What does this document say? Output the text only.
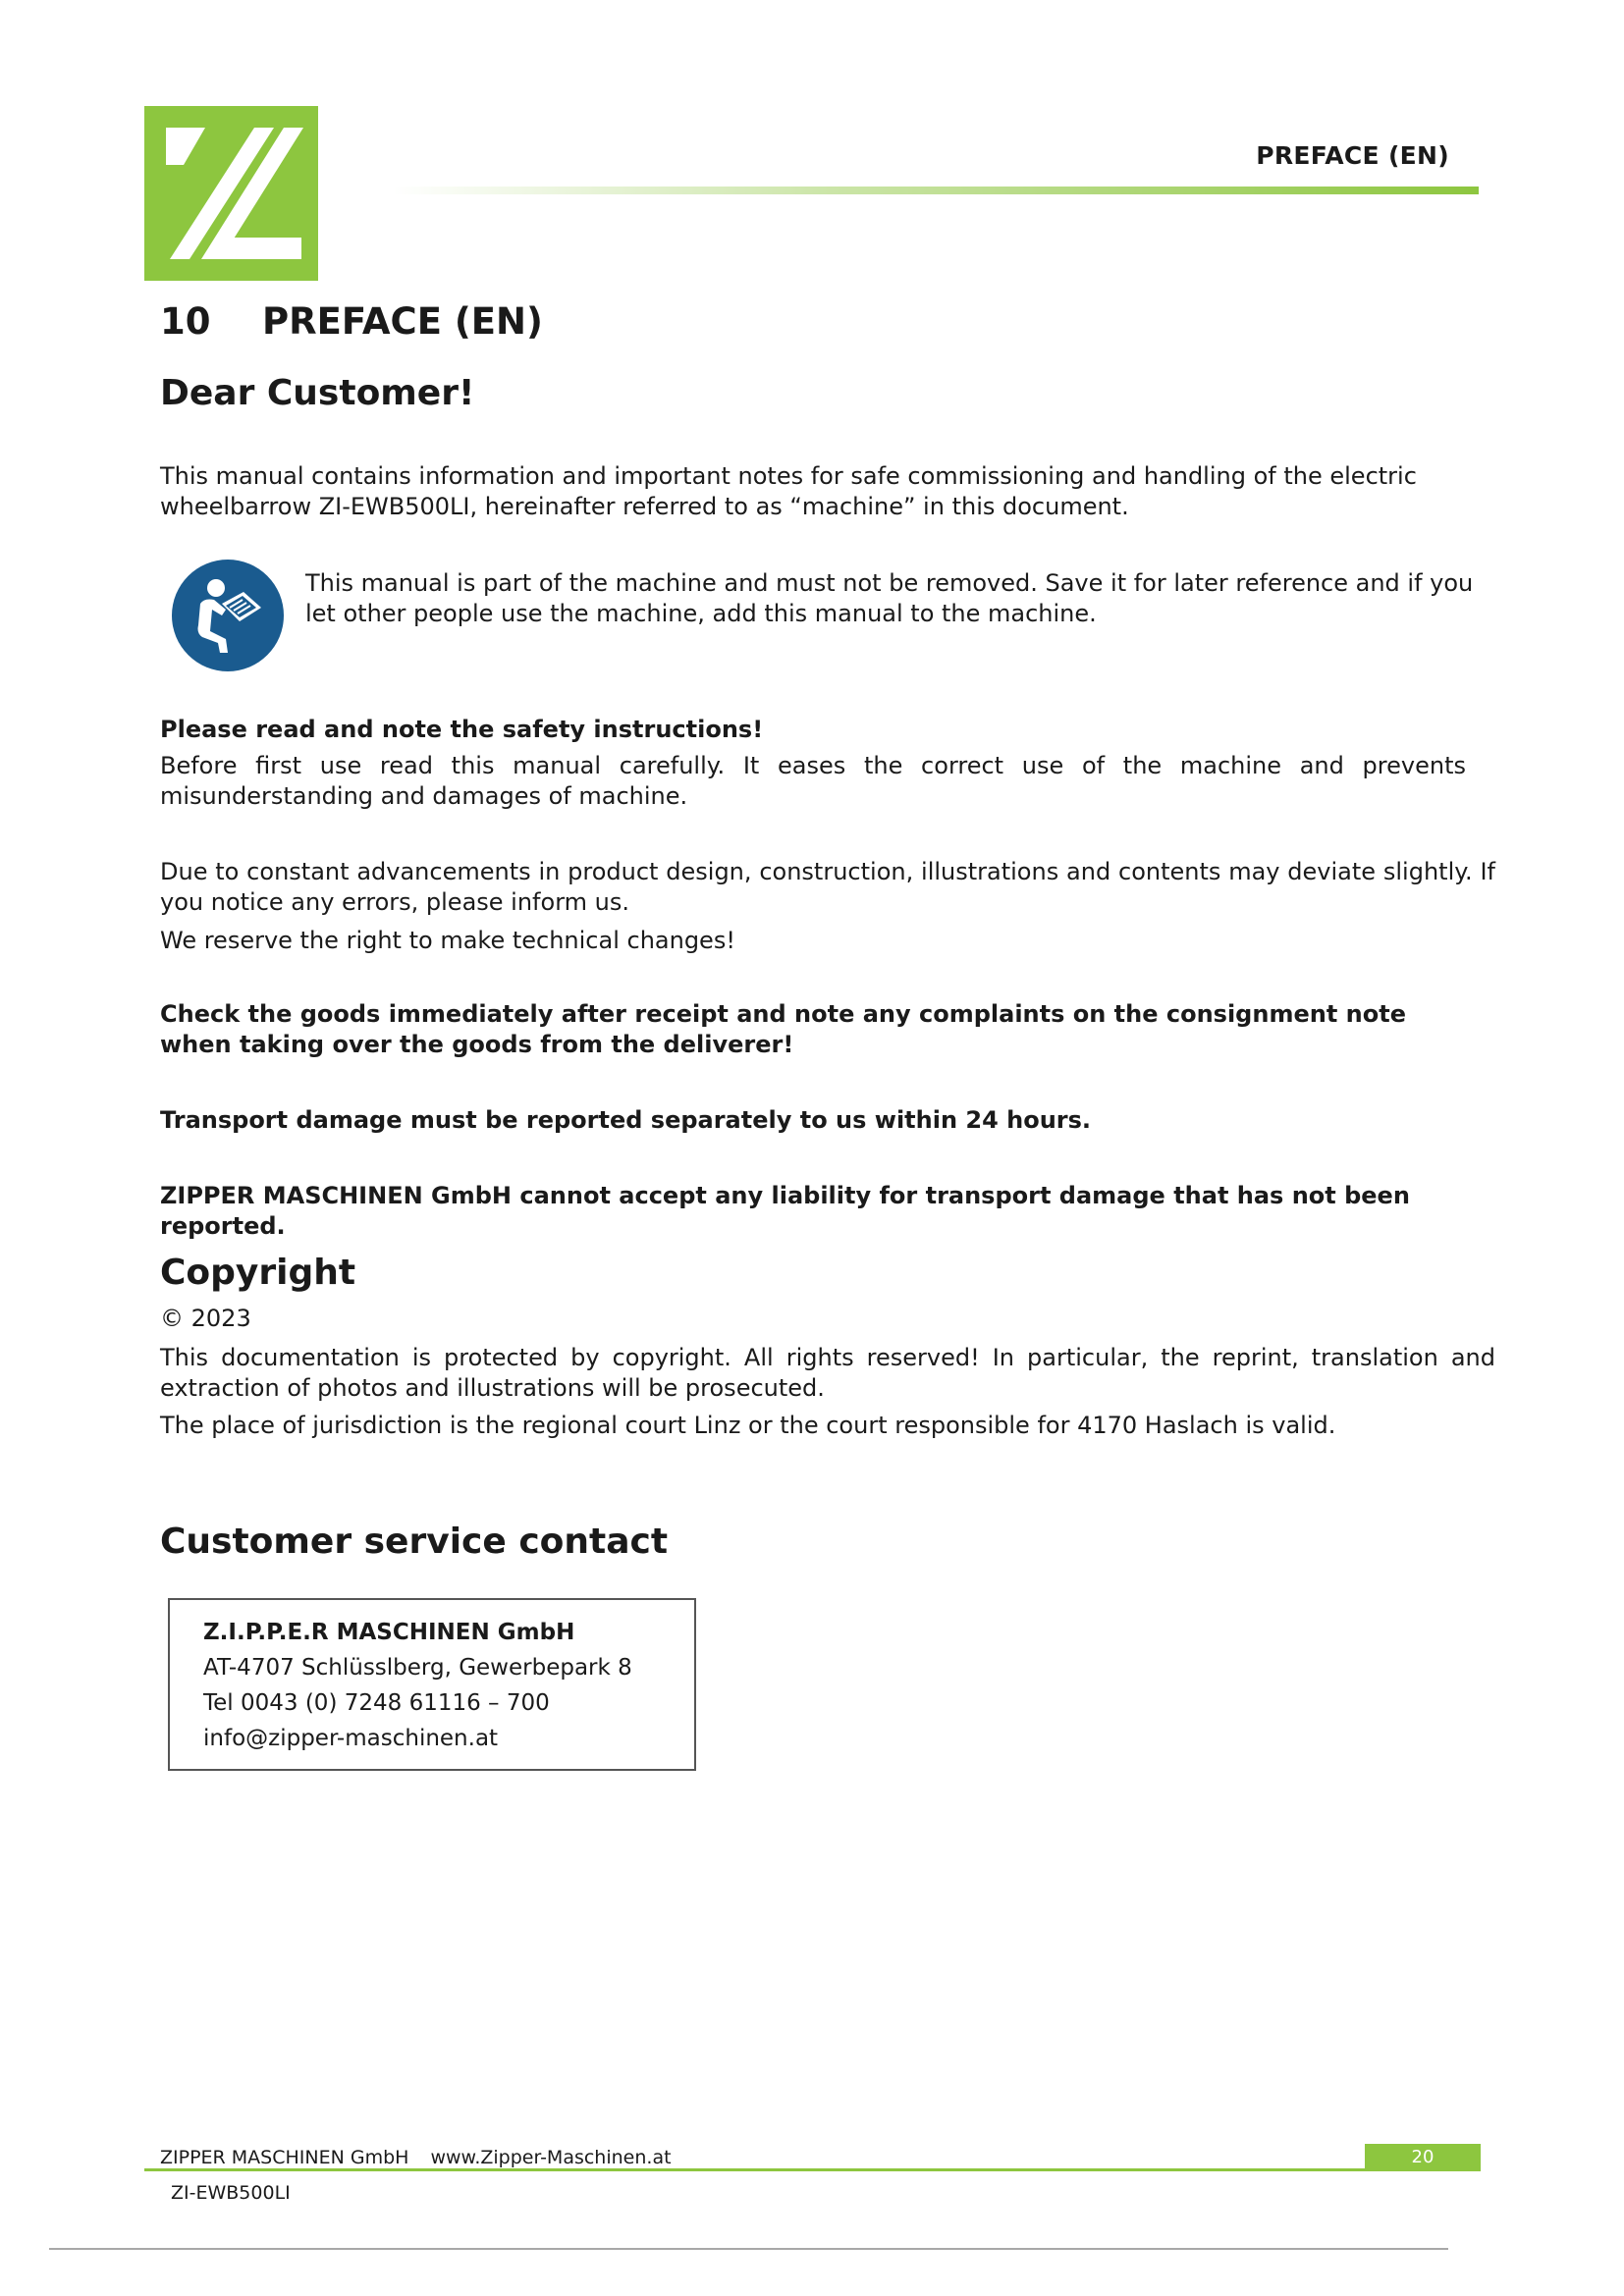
PREFACE (EN)
10 PREFACE (EN)
Dear Customer!
This manual contains information and important notes for safe commissioning and handling of the electric wheelbarrow ZI-EWB500LI, hereinafter referred to as “machine” in this document.
This manual is part of the machine and must not be removed. Save it for later reference and if you let other people use the machine, add this manual to the machine.
Please read and note the safety instructions!
Before first use read this manual carefully. It eases the correct use of the machine and prevents misunderstanding and damages of machine.
Due to constant advancements in product design, construction, illustrations and contents may deviate slightly. If you notice any errors, please inform us.
We reserve the right to make technical changes!
Check the goods immediately after receipt and note any complaints on the consignment note when taking over the goods from the deliverer!
Transport damage must be reported separately to us within 24 hours.
ZIPPER MASCHINEN GmbH cannot accept any liability for transport damage that has not been reported.
Copyright
© 2023
This documentation is protected by copyright. All rights reserved! In particular, the reprint, translation and extraction of photos and illustrations will be prosecuted.
The place of jurisdiction is the regional court Linz or the court responsible for 4170 Haslach is valid.
Customer service contact
Z.I.P.P.E.R MASCHINEN GmbH
AT-4707 Schlüsslberg, Gewerbepark 8
Tel 0043 (0) 7248 61116 – 700
info@zipper-maschinen.at
ZIPPER MASCHINEN GmbH www.Zipper-Maschinen.at	20
ZI-EWB500LI
